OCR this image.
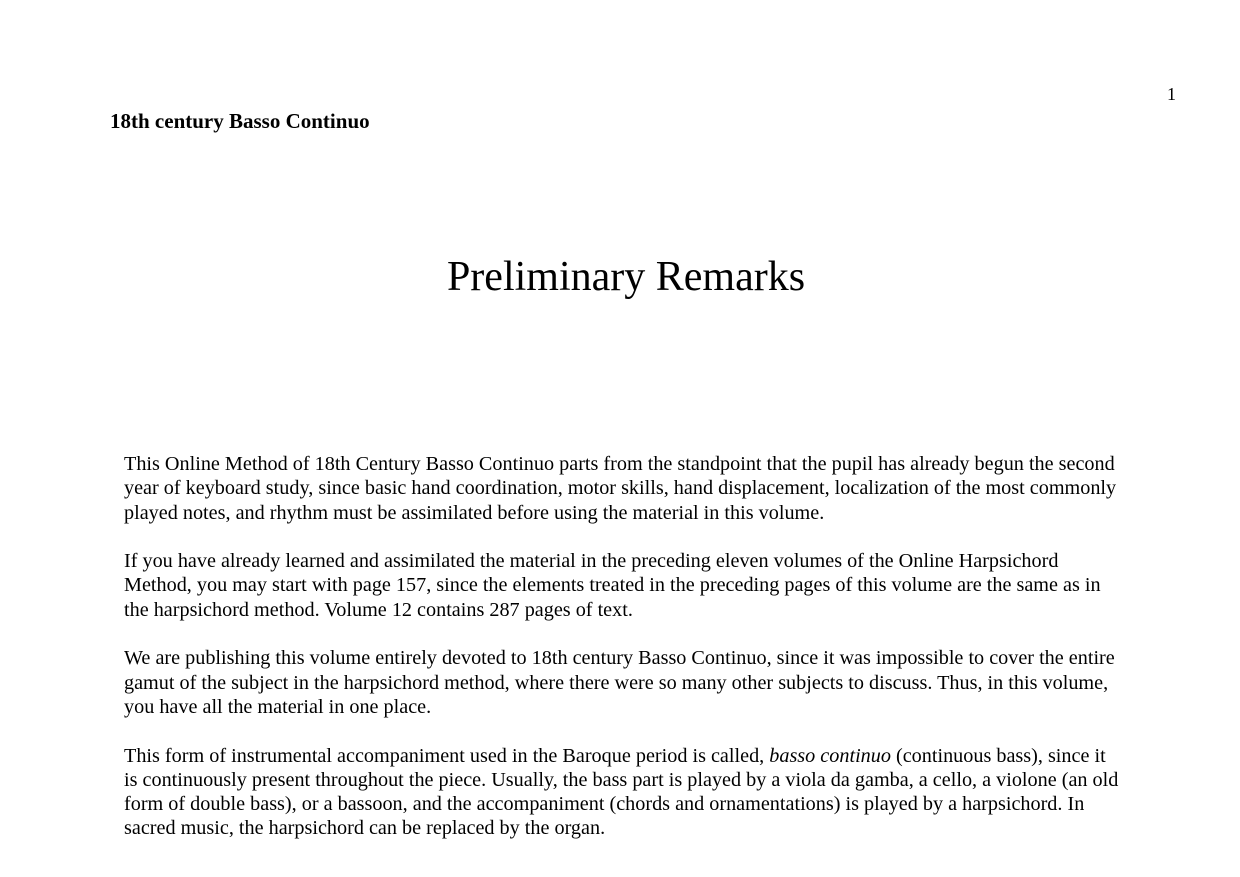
1
18th century Basso Continuo
Preliminary Remarks

This Online Method of 18th Century Basso Continuo parts from the standpoint that the pupil has already begun the second year of keyboard study, since basic hand coordination, motor skills, hand displacement, localization of the most commonly played notes, and rhythm must be assimilated before using the material in this volume.

If you have already learned and assimilated the material in the preceding eleven volumes of the Online Harpsichord Method, you may start with page 157, since the elements treated in the preceding pages of this volume are the same as in the harpsichord method. Volume 12 contains 287 pages of text.

We are publishing this volume entirely devoted to 18th century Basso Continuo, since it was impossible to cover the entire gamut of the subject in the harpsichord method, where there were so many other subjects to discuss. Thus, in this volume, you have all the material in one place.

This form of instrumental accompaniment used in the Baroque period is called, basso continuo (continuous bass), since it is continuously present throughout the piece. Usually, the bass part is played by a viola da gamba, a cello, a violone (an old form of double bass), or a bassoon, and the accompaniment (chords and ornamentations) is played by a harpsichord. In sacred music, the harpsichord can be replaced by the organ.
